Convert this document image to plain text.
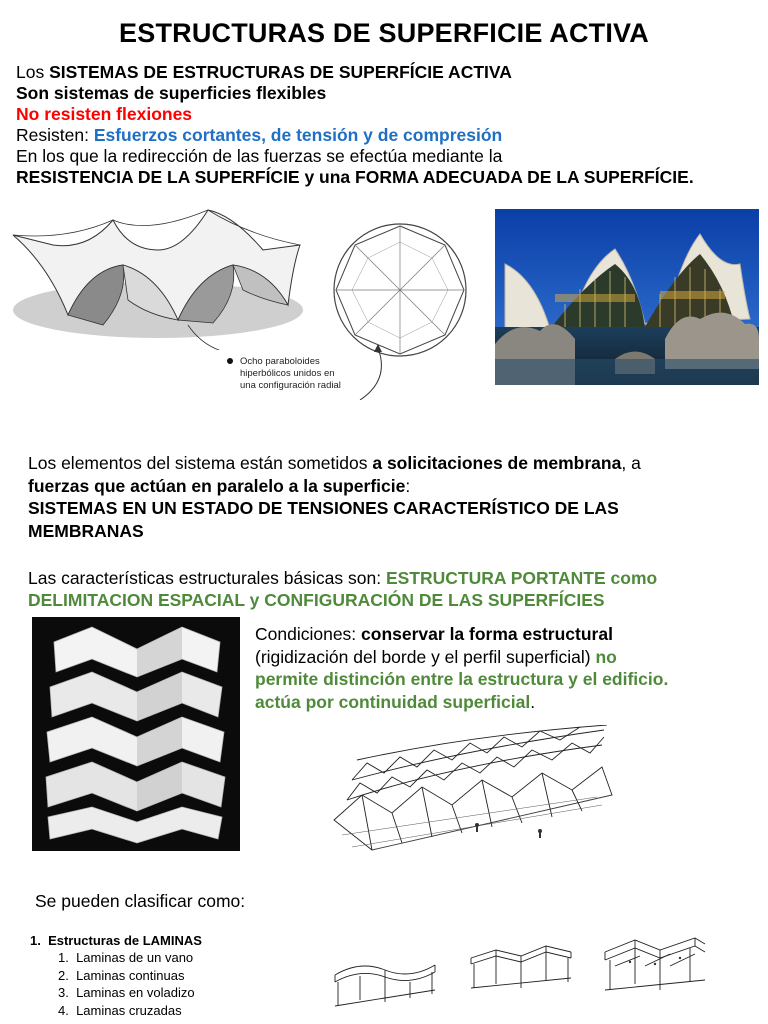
ESTRUCTURAS DE SUPERFICIE ACTIVA
Los SISTEMAS DE ESTRUCTURAS DE SUPERFÍCIE ACTIVA
Son sistemas de superficies flexibles
No resisten flexiones
Resisten: Esfuerzos cortantes, de tensión y de compresión
En los que la redirección de las fuerzas se efectúa mediante la
RESISTENCIA DE LA SUPERFÍCIE y una FORMA ADECUADA DE LA SUPERFÍCIE.
Ocho paraboloides
hiperbólicos unidos en
una configuración radial
Los elementos del sistema están sometidos a solicitaciones de membrana, a
fuerzas que actúan en paralelo a la superficie:
SISTEMAS EN UN ESTADO DE TENSIONES CARACTERÍSTICO DE LAS
MEMBRANAS
Las características estructurales básicas son: ESTRUCTURA PORTANTE como
DELIMITACION ESPACIAL y CONFIGURACIÓN DE LAS SUPERFÍCIES
Condiciones: conservar la forma estructural
(rigidización del borde y el perfil superficial) no
permite distinción entre la estructura y el edificio.
actúa por continuidad superficial.
Se pueden clasificar como:
1. Estructuras de LAMINAS
1. Laminas de un vano
2. Laminas continuas
3. Laminas en voladizo
4. Laminas cruzadas
